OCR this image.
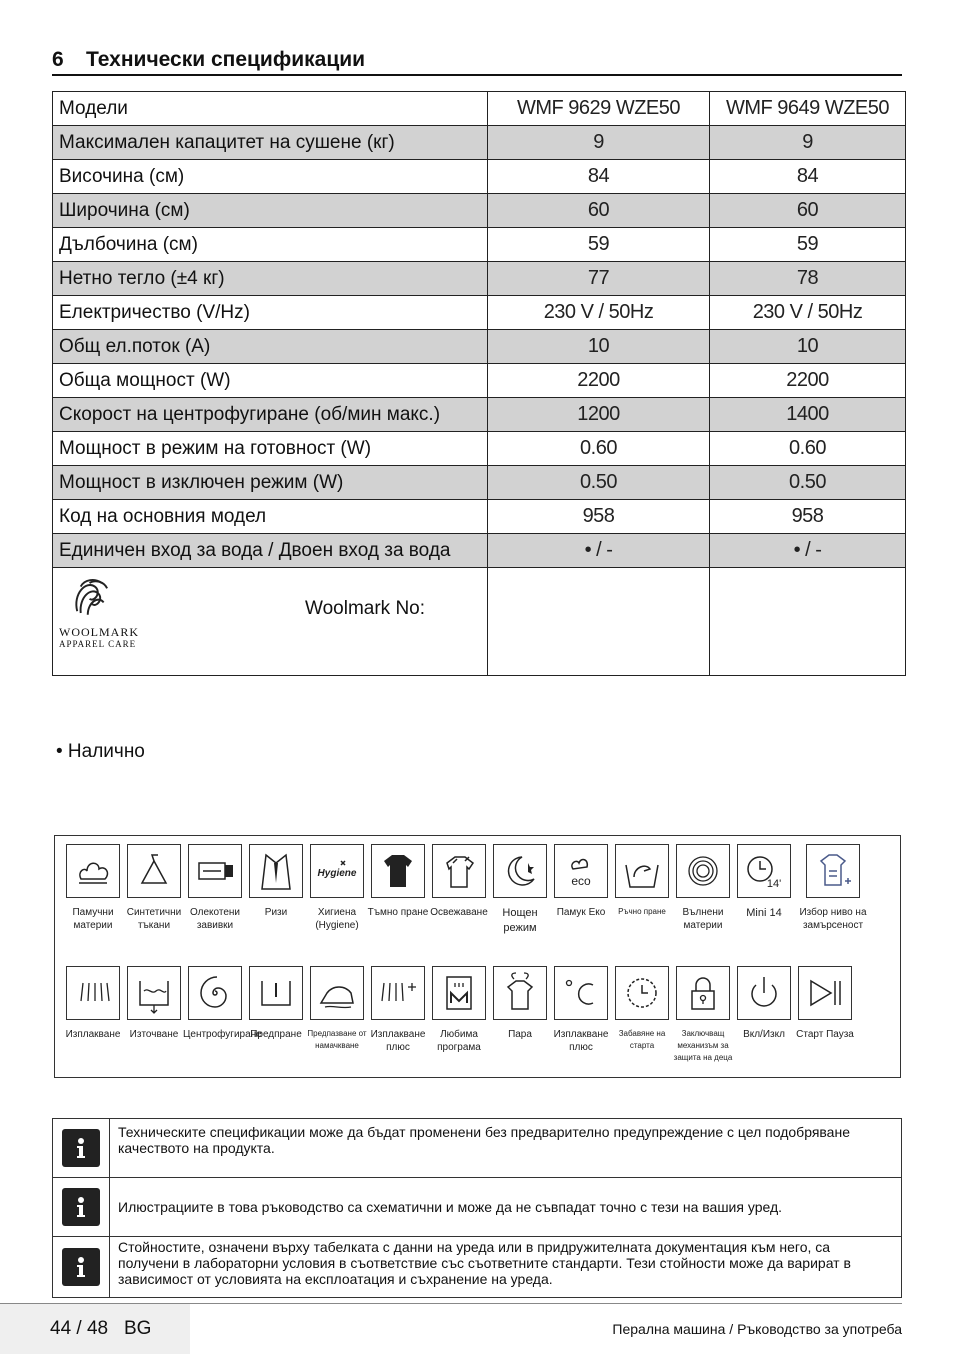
6 Технически спецификации
Модели	WMF 9629 WZE50	WMF 9649 WZE50
Максимален капацитет на сушене (кг)	9	9
Височина (см)	84	84
Широчина (см)	60	60
Дълбочина (см)	59	59
Нетно тегло (±4 кг)	77	78
Електричество (V/Hz)	230 V / 50Hz	230 V / 50Hz
Общ ел.поток (A)	10	10
Обща мощност (W)	2200	2200
Скорост на центрофугиране (об/мин макс.)	1200	1400
Мощност в режим на готовност (W)	0.60	0.60
Мощност в изключен режим (W)	0.50	0.50
Код на основния модел	958	958
Единичен вход за вода / Двоен вход за вода	• / -	• / -

WOOLMARK
APPAREL CARE
Woolmark No:		

• Налично
Памучни материи
Синтетични тъкани
Олекотени завивки
Ризи
Hygiene
Хигиена (Hygiene)
Тъмно пране Освежаване	Нощен режим
eco
Памук Еко	Ръчно пране	Вълнени материи
14'
Mini 14	Избор ниво на замърсеност
Изплакване Източване Центрофугиране
Предпране Предпазване от намачкване
Изплакване плюс
Любима програма
Пара	Изплакване плюс
Забавяне на старта
Заключващ механизъм за защита на деца
Вкл/Изкл	Старт Пауза
Техническите спецификации може да бъдат променени без предварително предупреждение с цел подобряване качеството на продукта.
Илюстрациите в това ръководство са схематични и може да не съвпадат точно с тези на вашия уред.
Стойностите, означени върху табелката с данни на уреда или в придружителната документация към него, са получени в лабораторни условия в съответствие със съответните стандарти. Тези стойности може да варират в зависимост от условията на експлоатация и съхранение на уреда.
44 / 48 BG	Перална машина / Ръководство за употреба
